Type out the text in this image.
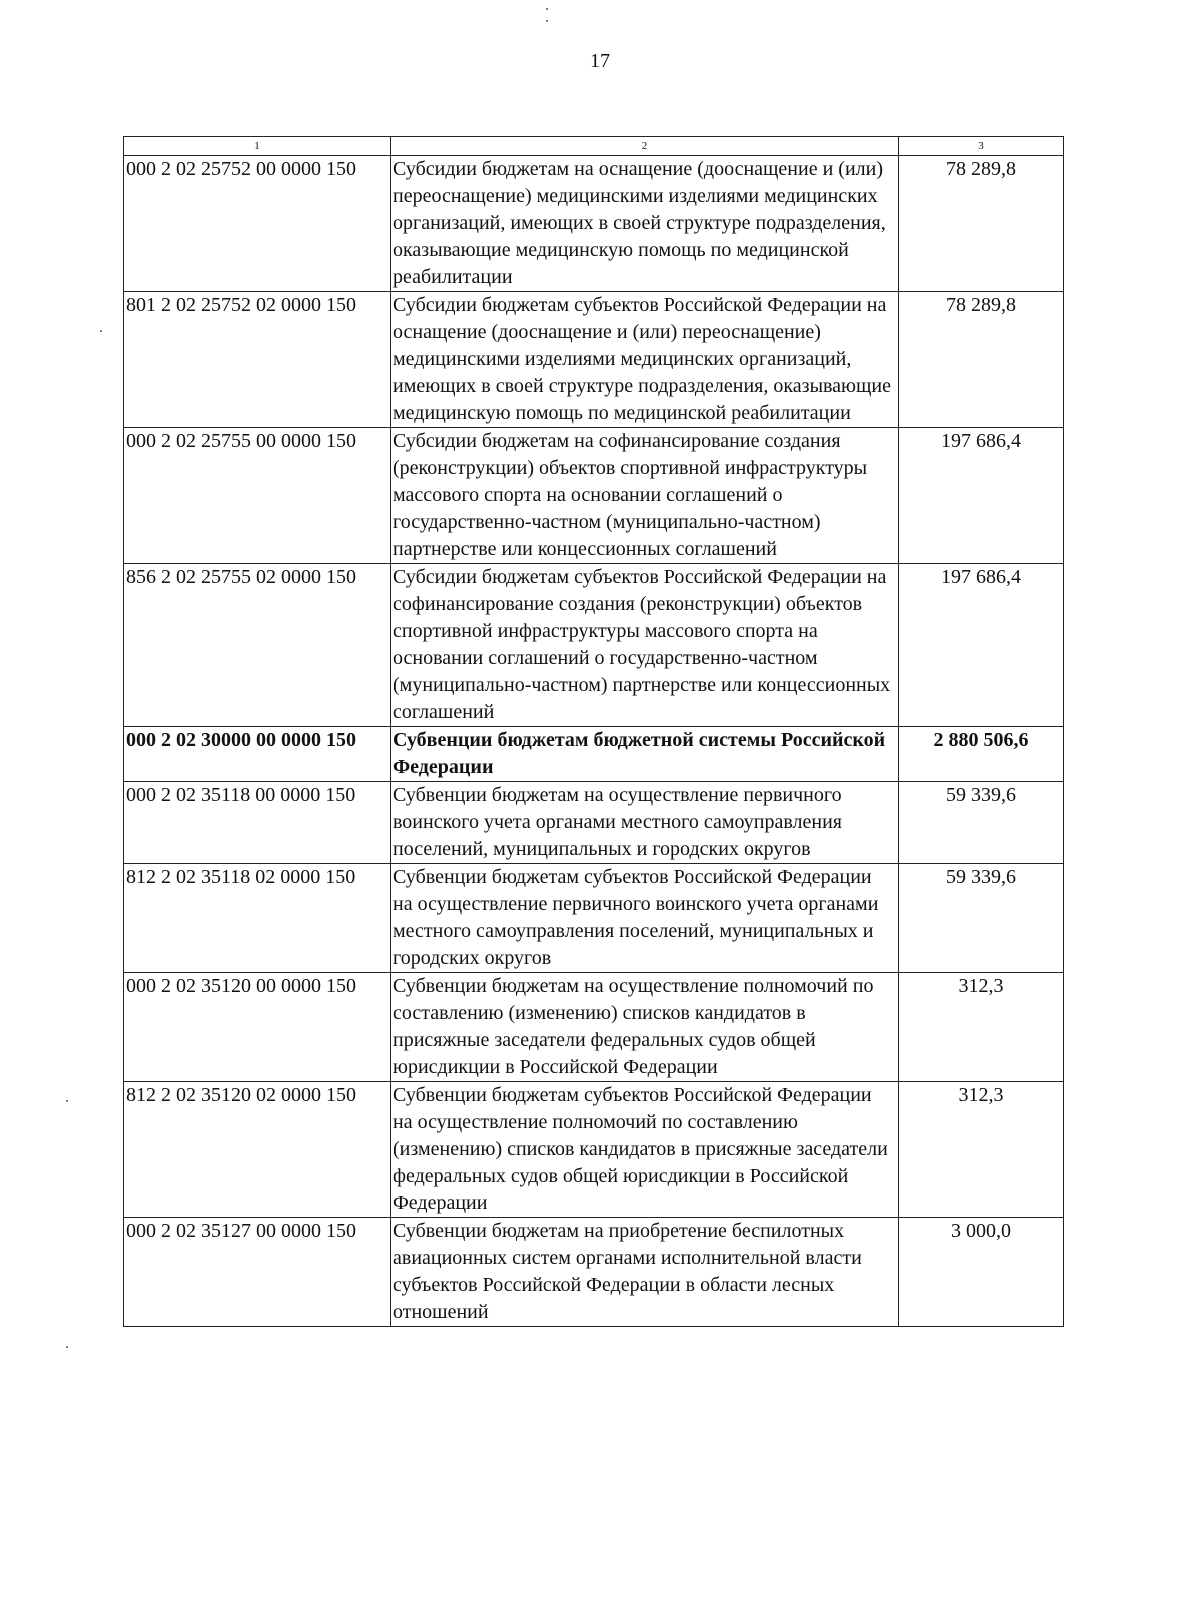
17
1	2	3
000 2 02 25752 00 0000 150	Субсидии бюджетам на оснащение (дооснащение и (или) переоснащение) медицинскими изделиями медицинских организаций, имеющих в своей структуре подразделения, оказывающие медицинскую помощь по медицинской реабилитации	78 289,8
801 2 02 25752 02 0000 150	Субсидии бюджетам субъектов Российской Федерации на оснащение (дооснащение и (или) переоснащение) медицинскими изделиями медицинских организаций, имеющих в своей структуре подразделения, оказывающие медицинскую помощь по медицинской реабилитации	78 289,8
000 2 02 25755 00 0000 150	Субсидии бюджетам на софинансирование создания (реконструкции) объектов спортивной инфраструктуры массового спорта на основании соглашений о государственно-частном (муниципально-частном) партнерстве или концессионных соглашений	197 686,4
856 2 02 25755 02 0000 150	Субсидии бюджетам субъектов Российской Федерации на софинансирование создания (реконструкции) объектов спортивной инфраструктуры массового спорта на основании соглашений о государственно-частном (муниципально-частном) партнерстве или концессионных соглашений	197 686,4
000 2 02 30000 00 0000 150	Субвенции бюджетам бюджетной системы Российской Федерации	2 880 506,6
000 2 02 35118 00 0000 150	Субвенции бюджетам на осуществление первичного воинского учета органами местного самоуправления поселений, муниципальных и городских округов	59 339,6
812 2 02 35118 02 0000 150	Субвенции бюджетам субъектов Российской Федерации на осуществление первичного воинского учета органами местного самоуправления поселений, муниципальных и городских округов	59 339,6
000 2 02 35120 00 0000 150	Субвенции бюджетам на осуществление полномочий по составлению (изменению) списков кандидатов в присяжные заседатели федеральных судов общей юрисдикции в Российской Федерации	312,3
812 2 02 35120 02 0000 150	Субвенции бюджетам субъектов Российской Федерации на осуществление полномочий по составлению (изменению) списков кандидатов в присяжные заседатели федеральных судов общей юрисдикции в Российской Федерации	312,3
000 2 02 35127 00 0000 150	Субвенции бюджетам на приобретение беспилотных авиационных систем органами исполнительной власти субъектов Российской Федерации в области лесных отношений	3 000,0
